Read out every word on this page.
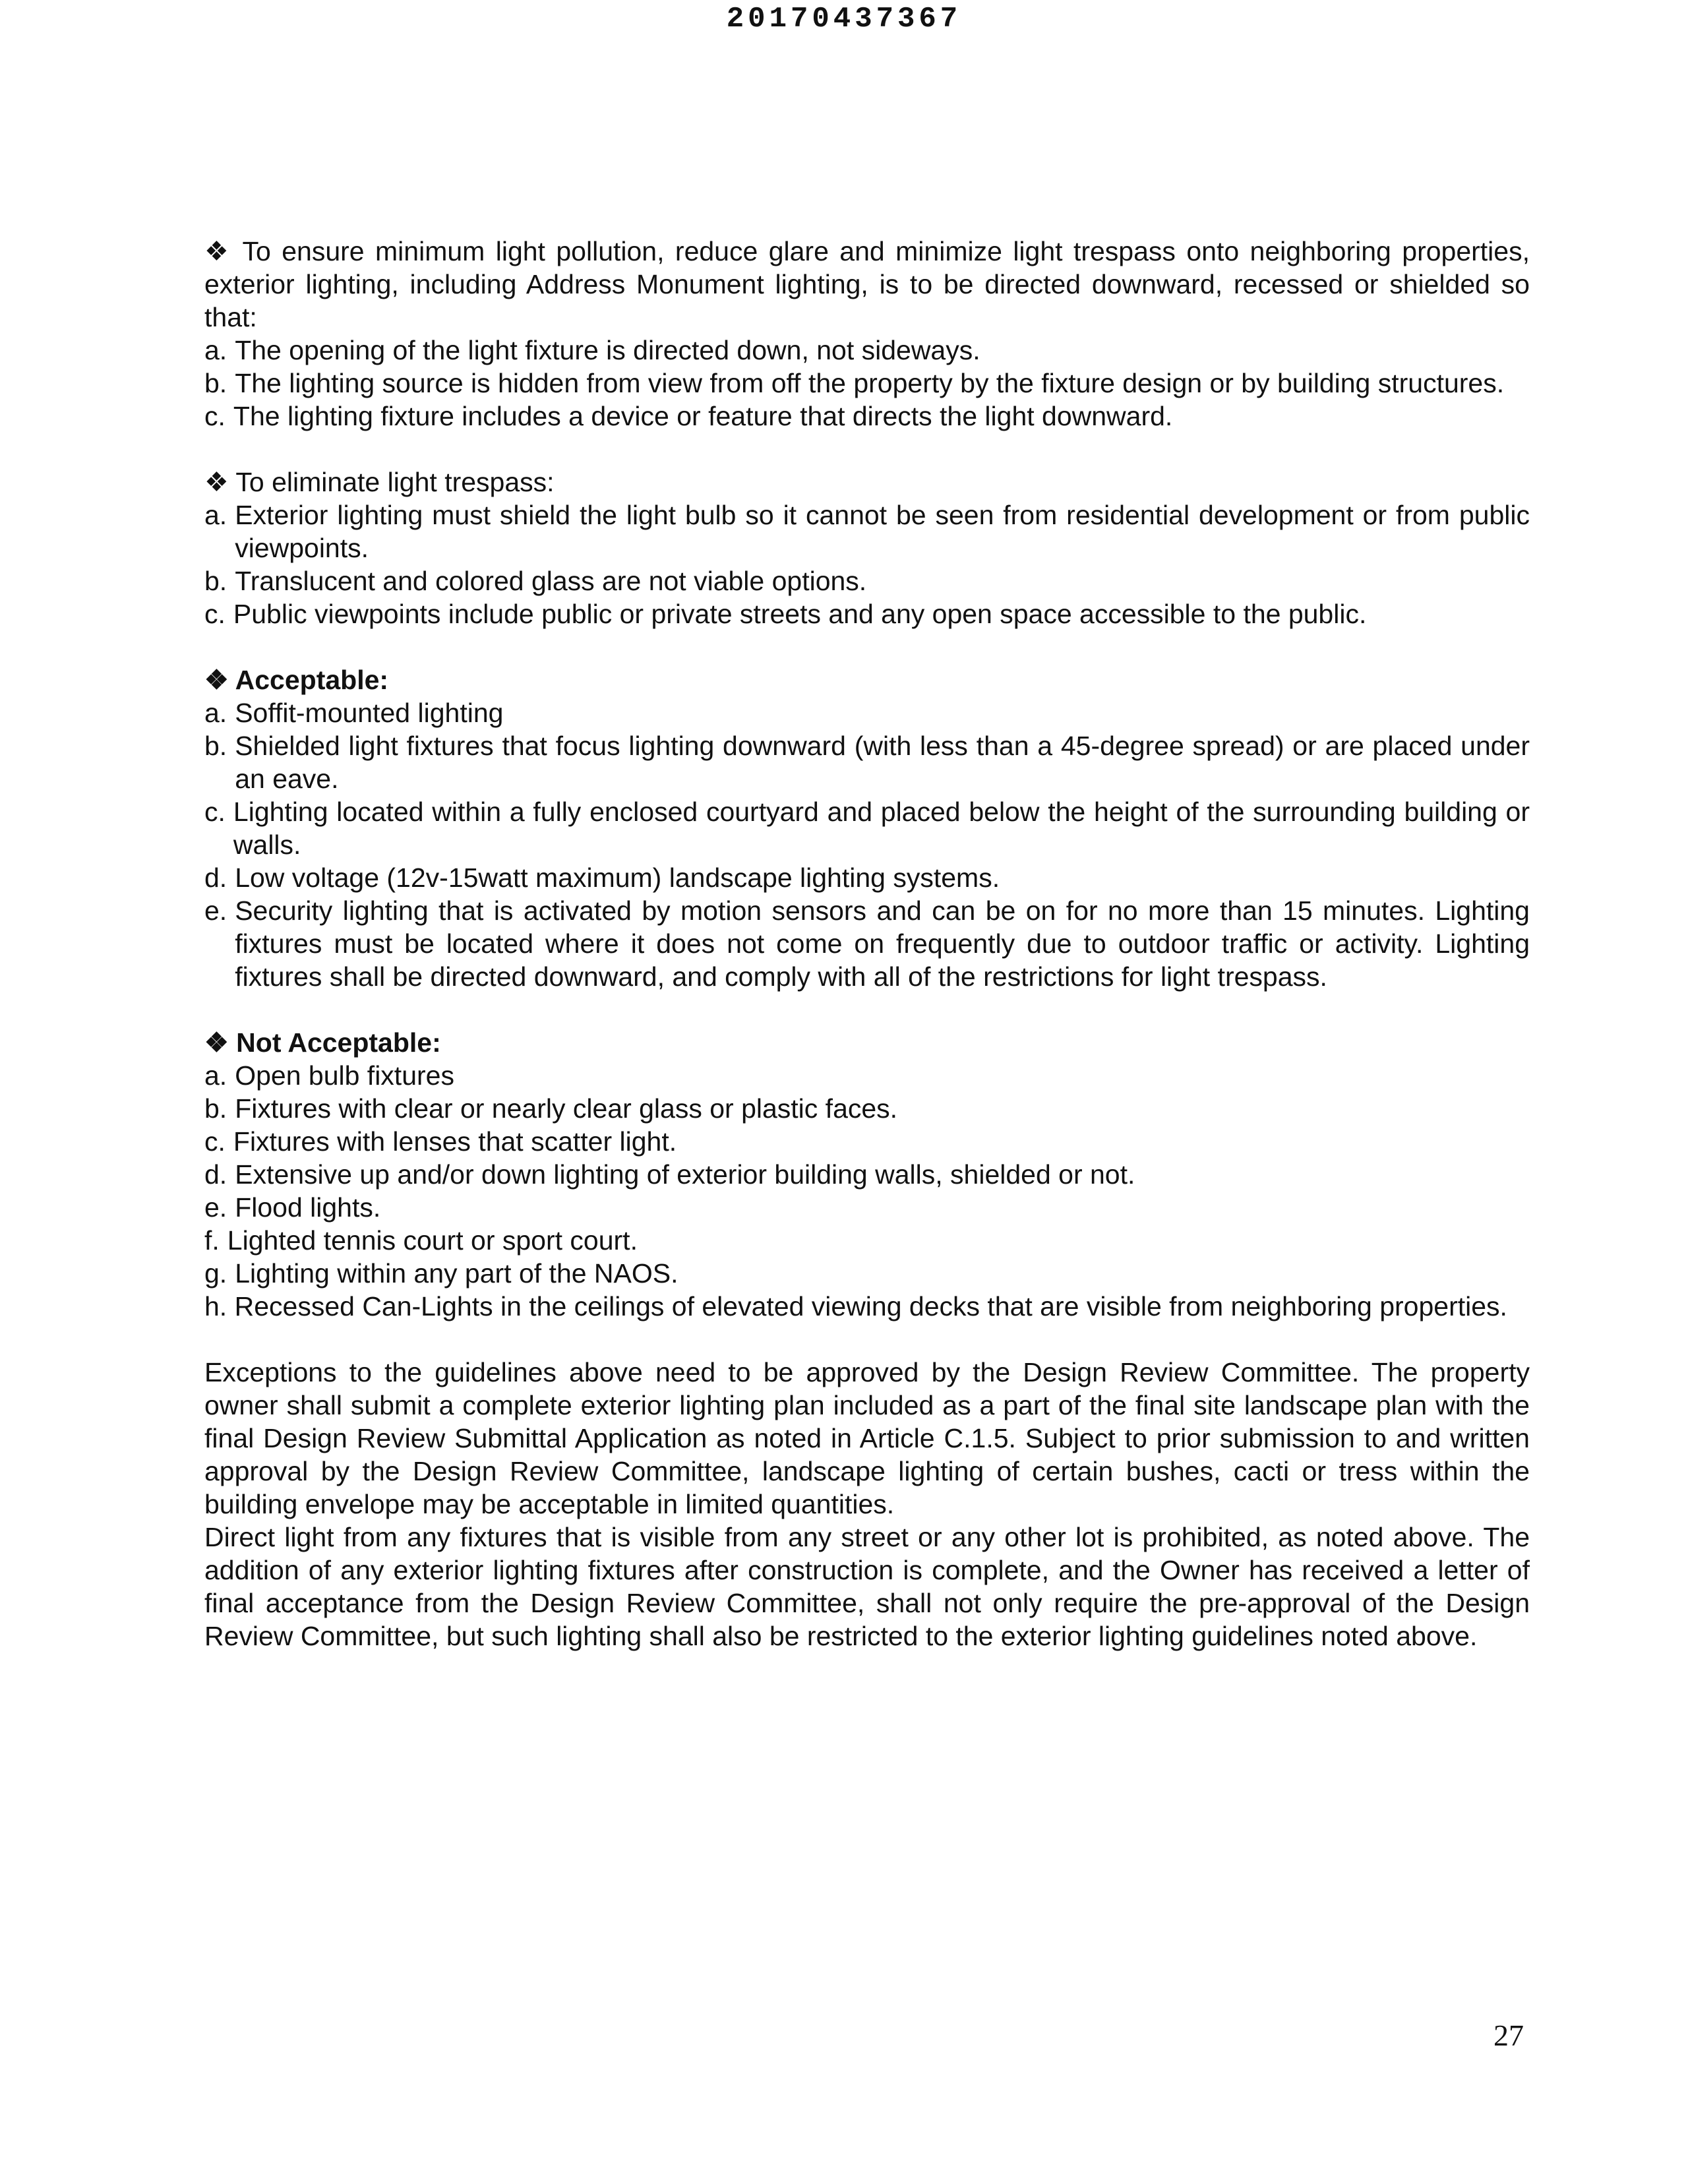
20170437367
❖ To ensure minimum light pollution, reduce glare and minimize light trespass onto neighboring properties, exterior lighting, including Address Monument lighting, is to be directed downward, recessed or shielded so that:
a. The opening of the light fixture is directed down, not sideways.
b. The lighting source is hidden from view from off the property by the fixture design or by building structures.
c. The lighting fixture includes a device or feature that directs the light downward.
❖ To eliminate light trespass:
a. Exterior lighting must shield the light bulb so it cannot be seen from residential development or from public viewpoints.
b. Translucent and colored glass are not viable options.
c. Public viewpoints include public or private streets and any open space accessible to the public.
❖ Acceptable:
a. Soffit-mounted lighting
b. Shielded light fixtures that focus lighting downward (with less than a 45-degree spread) or are placed under an eave.
c. Lighting located within a fully enclosed courtyard and placed below the height of the surrounding building or walls.
d. Low voltage (12v-15watt maximum) landscape lighting systems.
e. Security lighting that is activated by motion sensors and can be on for no more than 15 minutes. Lighting fixtures must be located where it does not come on frequently due to outdoor traffic or activity. Lighting fixtures shall be directed downward, and comply with all of the restrictions for light trespass.
❖ Not Acceptable:
a. Open bulb fixtures
b. Fixtures with clear or nearly clear glass or plastic faces.
c. Fixtures with lenses that scatter light.
d. Extensive up and/or down lighting of exterior building walls, shielded or not.
e. Flood lights.
f. Lighted tennis court or sport court.
g. Lighting within any part of the NAOS.
h. Recessed Can-Lights in the ceilings of elevated viewing decks that are visible from neighboring properties.
Exceptions to the guidelines above need to be approved by the Design Review Committee. The property owner shall submit a complete exterior lighting plan included as a part of the final site landscape plan with the final Design Review Submittal Application as noted in Article C.1.5. Subject to prior submission to and written approval by the Design Review Committee, landscape lighting of certain bushes, cacti or tress within the building envelope may be acceptable in limited quantities.
Direct light from any fixtures that is visible from any street or any other lot is prohibited, as noted above. The addition of any exterior lighting fixtures after construction is complete, and the Owner has received a letter of final acceptance from the Design Review Committee, shall not only require the pre-approval of the Design Review Committee, but such lighting shall also be restricted to the exterior lighting guidelines noted above.
27
